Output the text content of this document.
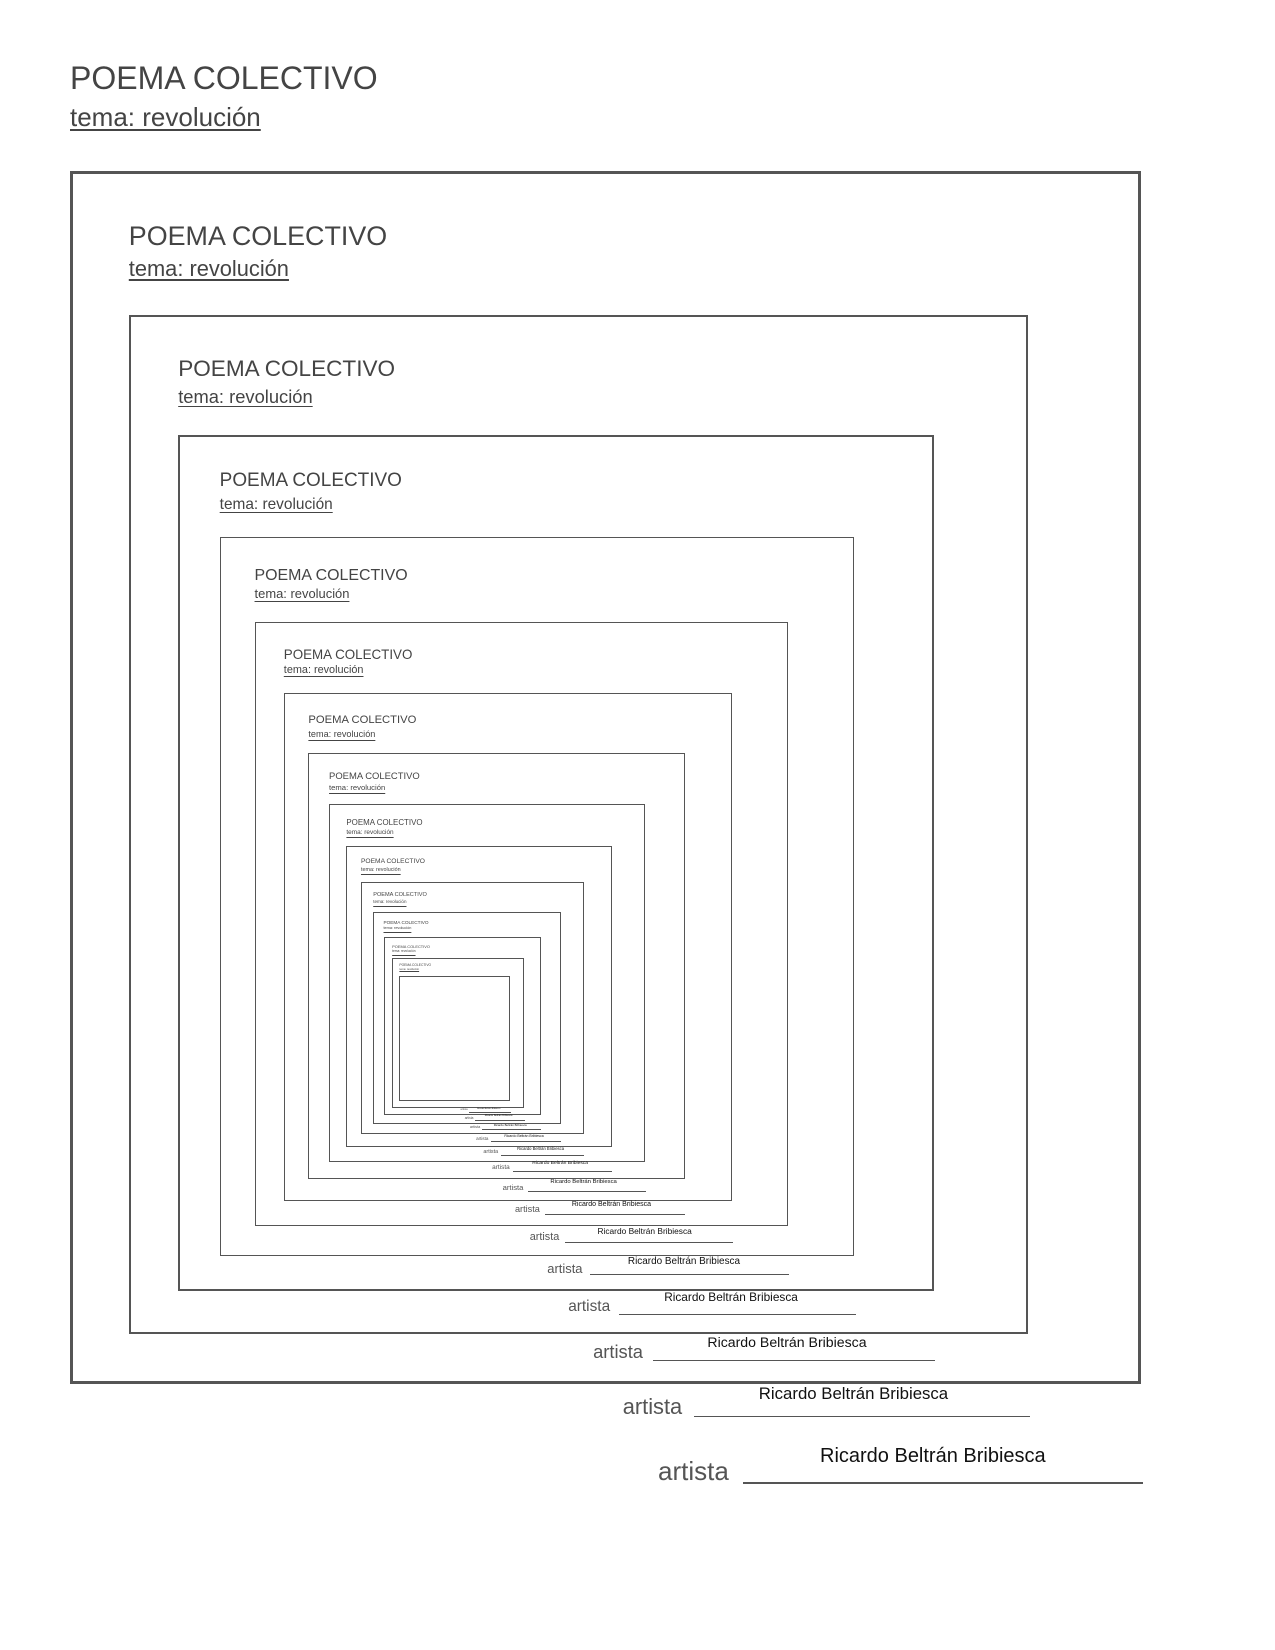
POEMA COLECTIVO
tema: revolución
artista	Ricardo Beltrán Bribiesca
POEMA COLECTIVO
tema: revolución
artista
Ricardo Beltrán Bribiesca
POEMA COLECTIVO
tema: revolución
artista	Ricardo Beltrán Bribiesca
POEMA COLECTIVO
tema: revolución
artista
Ricardo Beltrán Bribiesca
POEMA COLECTIVO
tema: revolución
artista	Ricardo Beltrán Bribiesca
POEMA COLECTIVO
tema: revolución
artista
Ricardo Beltrán Bribiesca
POEMA COLECTIVO
tema: revolución
artista	Ricardo Beltrán Bribiesca
POEMA COLECTIVO
tema: revolución
artista
Ricardo Beltrán Bribiesca
POEMA COLECTIVO
tema: revolución
artista
Ricardo Beltrán Bribiesca
POEMA COLECTIVO
tema: revolución
artista	Ricardo Beltrán Bribiesca
POEMA COLECTIVO
tema: revolución
artista
Ricardo Beltrán Bribiesca
POEMA COLECTIVO
tema: revolución
artista	Ricardo Beltrán Bribiesca
POEMA COLECTIVO
tema: revolución
artista	Ricardo Beltrán Bribiesca
POEMA COLECTIVO
tema: revolución
artista	Ricardo Beltrán Bribiesca
